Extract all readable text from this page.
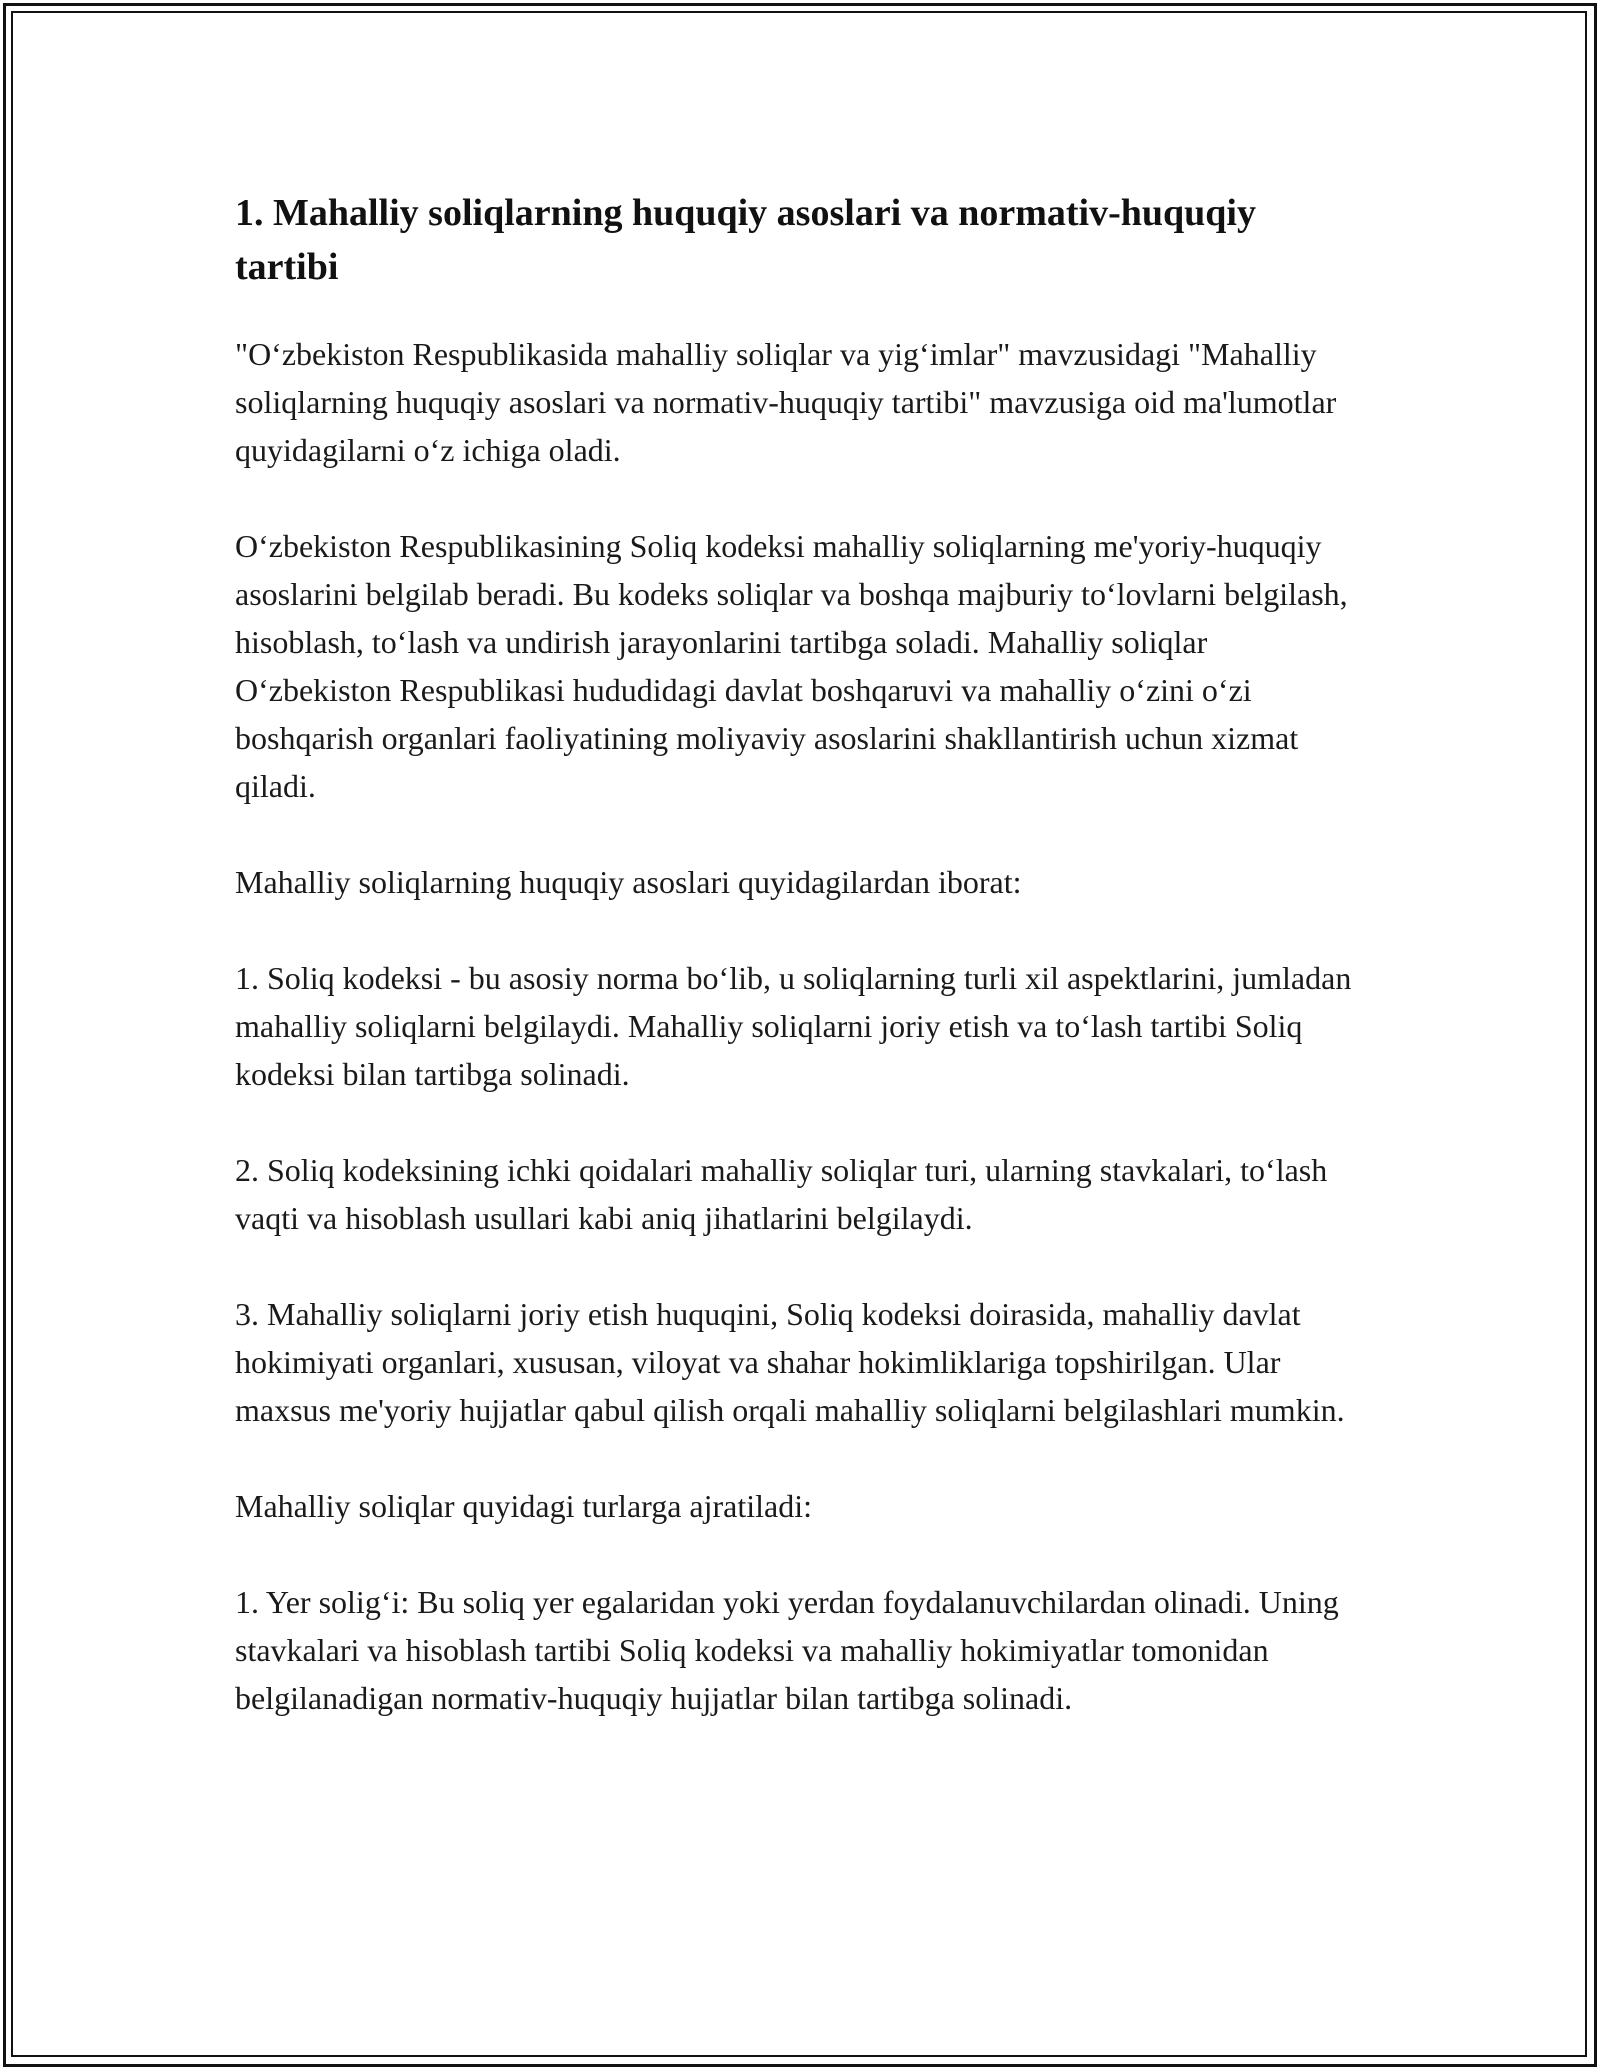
1. Mahalliy soliqlarning huquqiy asoslari va normativ-huquqiy tartibi

"O‘zbekiston Respublikasida mahalliy soliqlar va yig‘imlar" mavzusidagi "Mahalliy soliqlarning huquqiy asoslari va normativ-huquqiy tartibi" mavzusiga oid ma'lumotlar quyidagilarni o‘z ichiga oladi.

O‘zbekiston Respublikasining Soliq kodeksi mahalliy soliqlarning me'yoriy-huquqiy asoslarini belgilab beradi. Bu kodeks soliqlar va boshqa majburiy to‘lovlarni belgilash, hisoblash, to‘lash va undirish jarayonlarini tartibga soladi. Mahalliy soliqlar O‘zbekiston Respublikasi hududidagi davlat boshqaruvi va mahalliy o‘zini o‘zi boshqarish organlari faoliyatining moliyaviy asoslarini shakllantirish uchun xizmat qiladi.

Mahalliy soliqlarning huquqiy asoslari quyidagilardan iborat:

1. Soliq kodeksi - bu asosiy norma bo‘lib, u soliqlarning turli xil aspektlarini, jumladan mahalliy soliqlarni belgilaydi. Mahalliy soliqlarni joriy etish va to‘lash tartibi Soliq kodeksi bilan tartibga solinadi.

2. Soliq kodeksining ichki qoidalari mahalliy soliqlar turi, ularning stavkalari, to‘lash vaqti va hisoblash usullari kabi aniq jihatlarini belgilaydi.

3. Mahalliy soliqlarni joriy etish huquqini, Soliq kodeksi doirasida, mahalliy davlat hokimiyati organlari, xususan, viloyat va shahar hokimliklariga topshirilgan. Ular maxsus me'yoriy hujjatlar qabul qilish orqali mahalliy soliqlarni belgilashlari mumkin.

Mahalliy soliqlar quyidagi turlarga ajratiladi:

1. Yer solig‘i: Bu soliq yer egalaridan yoki yerdan foydalanuvchilardan olinadi. Uning stavkalari va hisoblash tartibi Soliq kodeksi va mahalliy hokimiyatlar tomonidan belgilanadigan normativ-huquqiy hujjatlar bilan tartibga solinadi.
